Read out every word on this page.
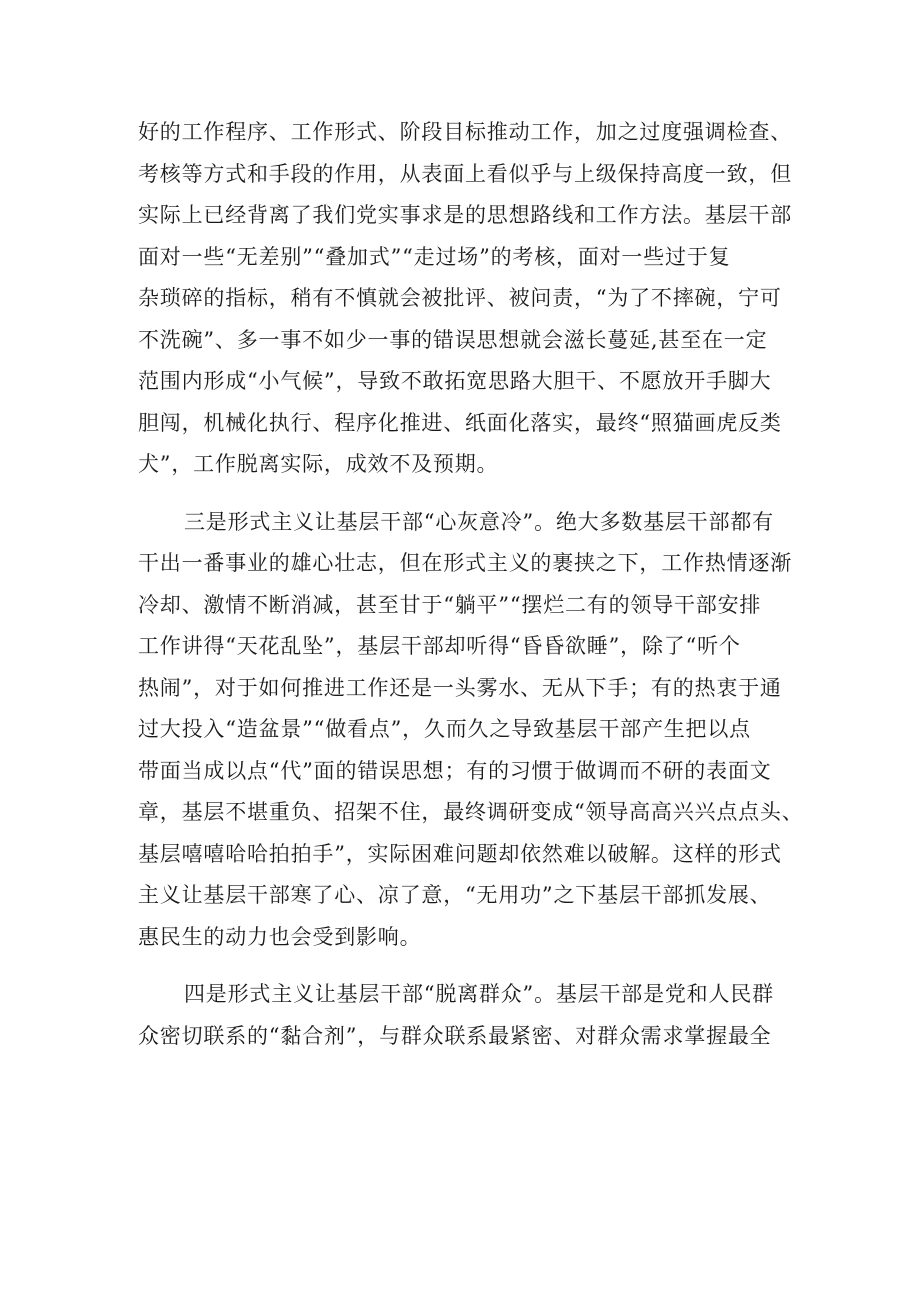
好的工作程序、工作形式、阶段目标推动工作，加之过度强调检查、
考核等方式和手段的作用，从表面上看似乎与上级保持高度一致，但
实际上已经背离了我们党实事求是的思想路线和工作方法。基层干部
面对一些“无差别”“叠加式”“走过场”的考核，面对一些过于复
杂琐碎的指标，稍有不慎就会被批评、被问责，“为了不摔碗，宁可
不洗碗”、多一事不如少一事的错误思想就会滋长蔓延,甚至在一定
范围内形成“小气候”，导致不敢拓宽思路大胆干、不愿放开手脚大
胆闯，机械化执行、程序化推进、纸面化落实，最终“照猫画虎反类
犬”，工作脱离实际，成效不及预期。
三是形式主义让基层干部“心灰意冷”。绝大多数基层干部都有
干出一番事业的雄心壮志，但在形式主义的裹挟之下，工作热情逐渐
冷却、激情不断消减，甚至甘于“躺平”“摆烂二有的领导干部安排
工作讲得“天花乱坠”，基层干部却听得“昏昏欲睡”，除了“听个
热闹”，对于如何推进工作还是一头雾水、无从下手；有的热衷于通
过大投入“造盆景”“做看点”，久而久之导致基层干部产生把以点
带面当成以点“代”面的错误思想；有的习惯于做调而不研的表面文
章，基层不堪重负、招架不住，最终调研变成“领导高高兴兴点点头、
基层嘻嘻哈哈拍拍手”，实际困难问题却依然难以破解。这样的形式
主义让基层干部寒了心、凉了意，“无用功”之下基层干部抓发展、
惠民生的动力也会受到影响。
四是形式主义让基层干部“脱离群众”。基层干部是党和人民群
众密切联系的“黏合剂”，与群众联系最紧密、对群众需求掌握最全
